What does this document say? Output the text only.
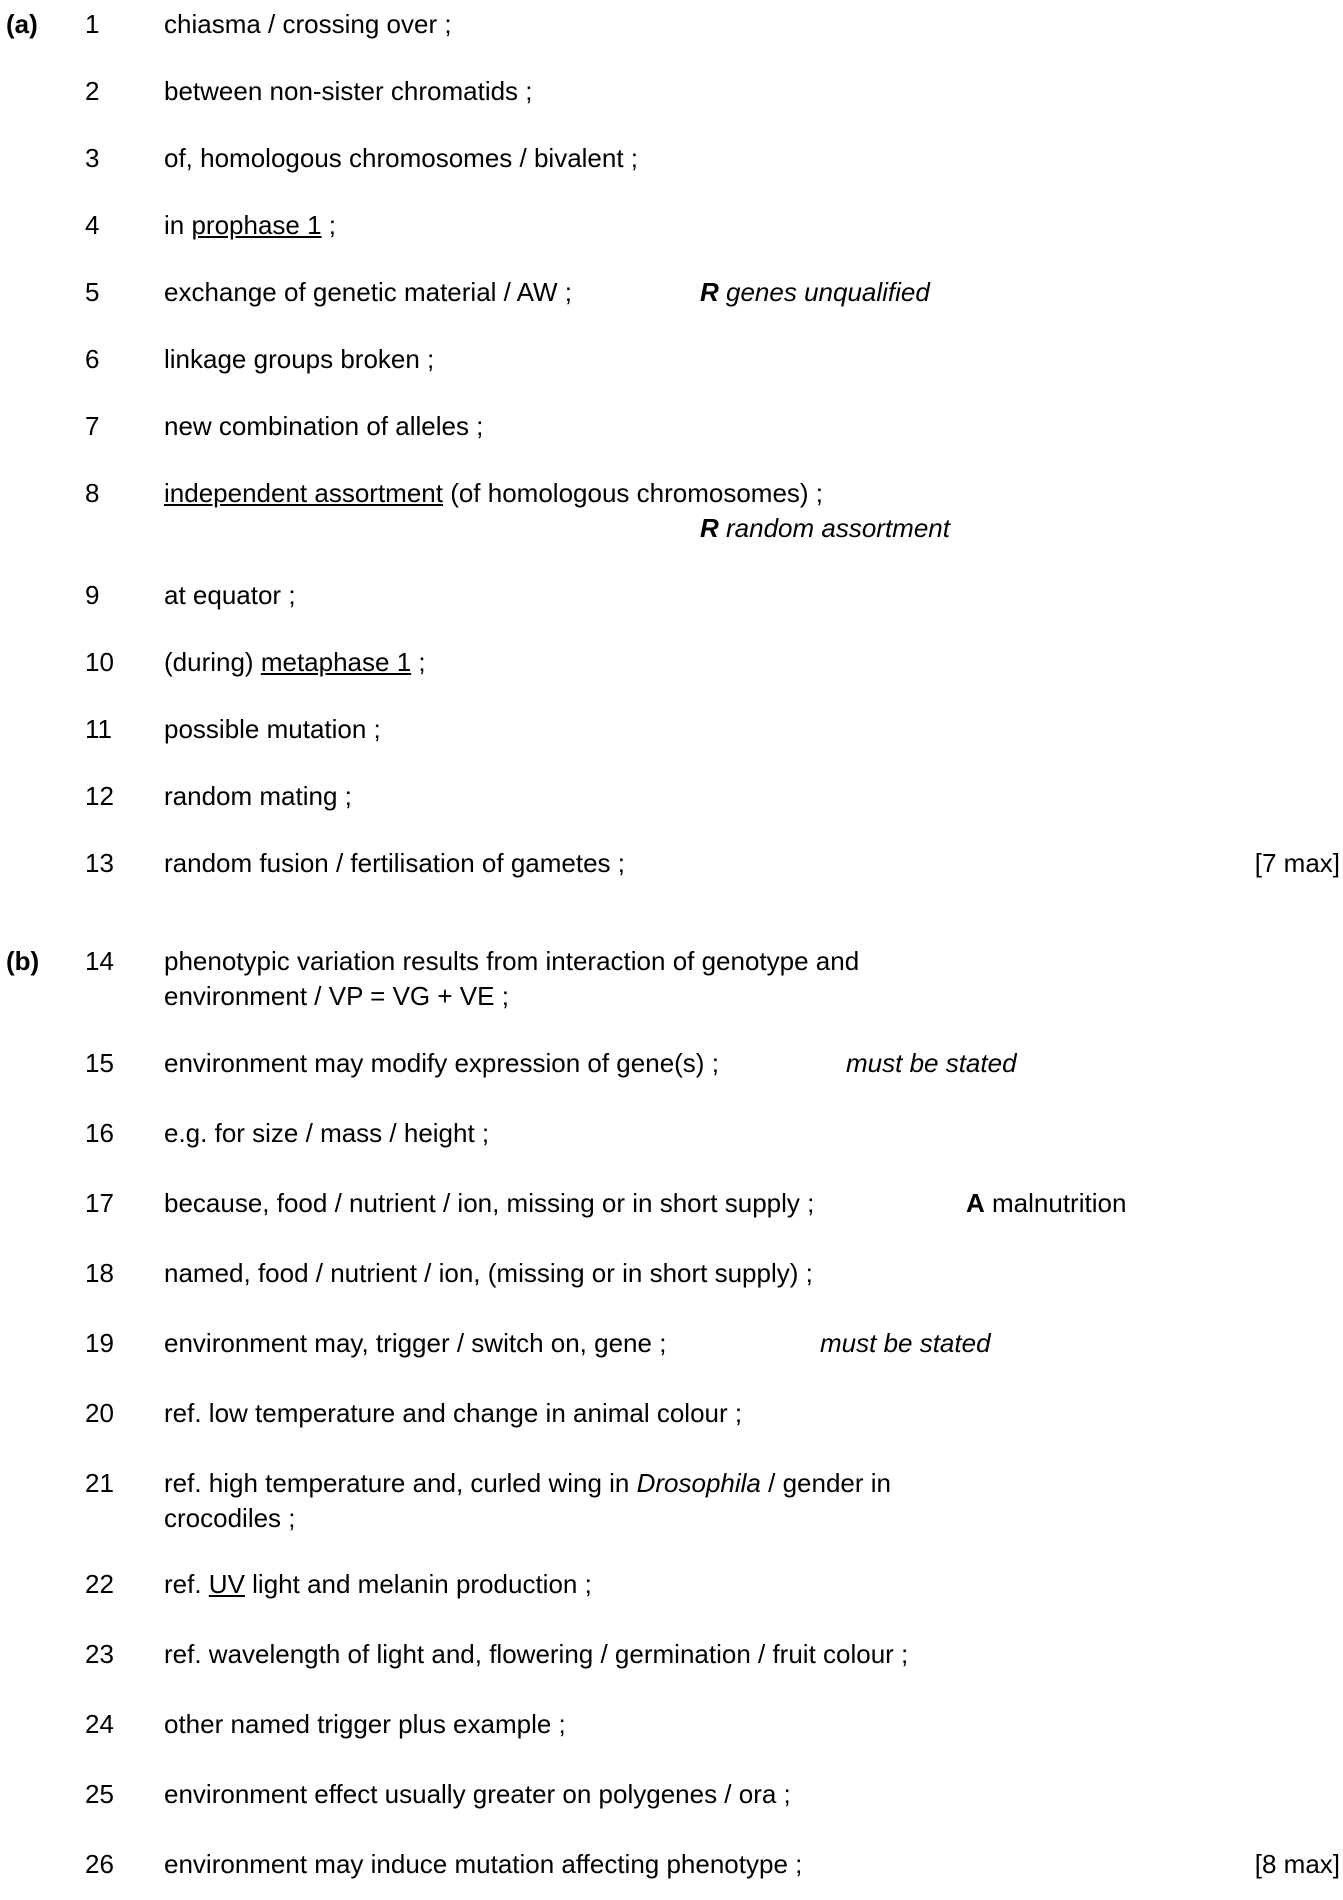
(a) 1 chiasma / crossing over ;
2 between non-sister chromatids ;
3 of, homologous chromosomes / bivalent ;
4 in prophase 1 ;
5 exchange of genetic material / AW ;	R genes unqualified
6 linkage groups broken ;
7 new combination of alleles ;
8 independent assortment (of homologous chromosomes) ;
R random assortment
9 at equator ;
10 (during) metaphase 1 ;
11 possible mutation ;
12 random mating ;
13 random fusion / fertilisation of gametes ;	[7 max]
(b) 14 phenotypic variation results from interaction of genotype and
environment / VP = VG + VE ;
15 environment may modify expression of gene(s) ;	must be stated
16 e.g. for size / mass / height ;
17 because, food / nutrient / ion, missing or in short supply ;	A malnutrition
18 named, food / nutrient / ion, (missing or in short supply) ;
19 environment may, trigger / switch on, gene ;	must be stated
20 ref. low temperature and change in animal colour ;
21 ref. high temperature and, curled wing in Drosophila / gender in
crocodiles ;
22 ref. UV light and melanin production ;
23 ref. wavelength of light and, flowering / germination / fruit colour ;
24 other named trigger plus example ;
25 environment effect usually greater on polygenes / ora ;
26 environment may induce mutation affecting phenotype ;	[8 max]
